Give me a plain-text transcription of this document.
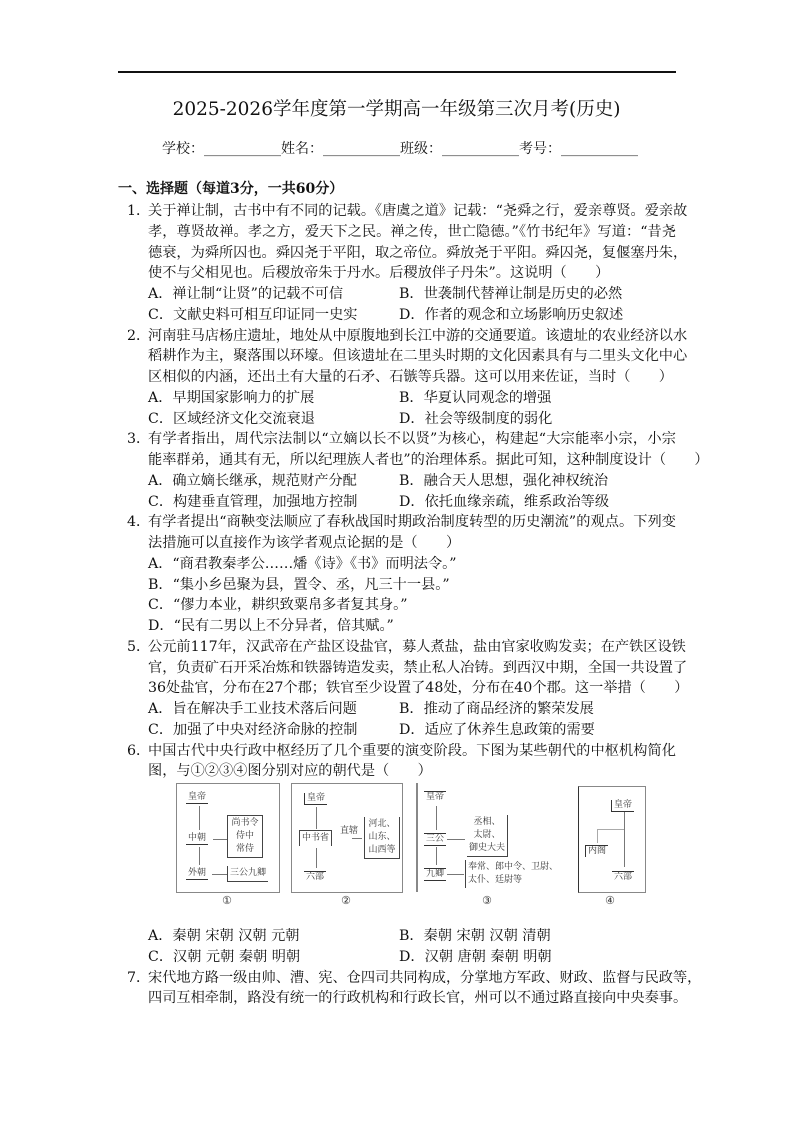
2025-2026学年度第一学期高一年级第三次月考(历史)
学校：___________姓名：___________班级：___________考号：___________
一、选择题（每道3分，一共60分）
1．
关于禅让制，古书中有不同的记载。《唐虞之道》记载：“尧舜之行，爱亲尊贤。爱亲故
孝，尊贤故禅。孝之方，爱天下之民。禅之传，世亡隐德。”《竹书纪年》写道：“昔尧
德衰，为舜所囚也。舜囚尧于平阳，取之帝位。舜放尧于平阳。舜囚尧，复偃塞丹朱，
使不与父相见也。后稷放帝朱于丹水。后稷放伴子丹朱”。这说明（　　）
A．禅让制“让贤”的记载不可信	B．世袭制代替禅让制是历史的必然
C．文献史料可相互印证同一史实	D．作者的观念和立场影响历史叙述
2．
河南驻马店杨庄遗址，地处从中原腹地到长江中游的交通要道。该遗址的农业经济以水
稻耕作为主，聚落围以环壕。但该遗址在二里头时期的文化因素具有与二里头文化中心
区相似的内涵，还出土有大量的石矛、石镞等兵器。这可以用来佐证，当时（　　）
A．早期国家影响力的扩展	B．华夏认同观念的增强
C．区域经济文化交流衰退	D．社会等级制度的弱化
3．
有学者指出，周代宗法制以“立嫡以长不以贤”为核心，构建起“大宗能率小宗，小宗
能率群弟，通其有无，所以纪理族人者也”的治理体系。据此可知，这种制度设计（　　）
A．确立嫡长继承，规范财产分配	B．融合天人思想，强化神权统治
C．构建垂直管理，加强地方控制	D．依托血缘亲疏，维系政治等级
4．
有学者提出“商鞅变法顺应了春秋战国时期政治制度转型的历史潮流”的观点。下列变
法措施可以直接作为该学者观点论据的是（　　）
A．“商君教秦孝公……燔《诗》《书》而明法令。”
B．“集小乡邑聚为县，置令、丞，凡三十一县。”
C．“僇力本业，耕织致粟帛多者复其身。”
D．“民有二男以上不分异者，倍其赋。”
5．
公元前117年，汉武帝在产盐区设盐官，募人煮盐，盐由官家收购发卖；在产铁区设铁
官，负责矿石开采冶炼和铁器铸造发卖，禁止私人冶铸。到西汉中期，全国一共设置了
36处盐官，分布在27个郡；铁官至少设置了48处，分布在40个郡。这一举措（　　）
A．旨在解决手工业技术落后问题	B．推动了商品经济的繁荣发展
C．加强了中央对经济命脉的控制	D．适应了休养生息政策的需要
6．
中国古代中央行政中枢经历了几个重要的演变阶段。下图为某些朝代的中枢机构简化
图，与①②③④图分别对应的朝代是（　　）
A．秦朝 宋朝 汉朝 元朝	B．秦朝 宋朝 汉朝 清朝
C．汉朝 元朝 秦朝 明朝	D．汉朝 唐朝 秦朝 明朝
7．
宋代地方路一级由帅、漕、宪、仓四司共同构成，分掌地方军政、财政、监督与民政等，
四司互相牵制，路没有统一的行政机构和行政长官，州可以不通过路直接向中央奏事。
皇帝
中朝
尚书令
侍中
常侍
外朝	三公九卿
①
皇帝
中书省
直辖
河北、
山东、
山西等
六部
②
皇帝
三公
丞相、
太尉、
御史大夫
九卿
奉常、郎中令、卫尉、
太仆、廷尉等
③
皇帝
内阁
六部
④
